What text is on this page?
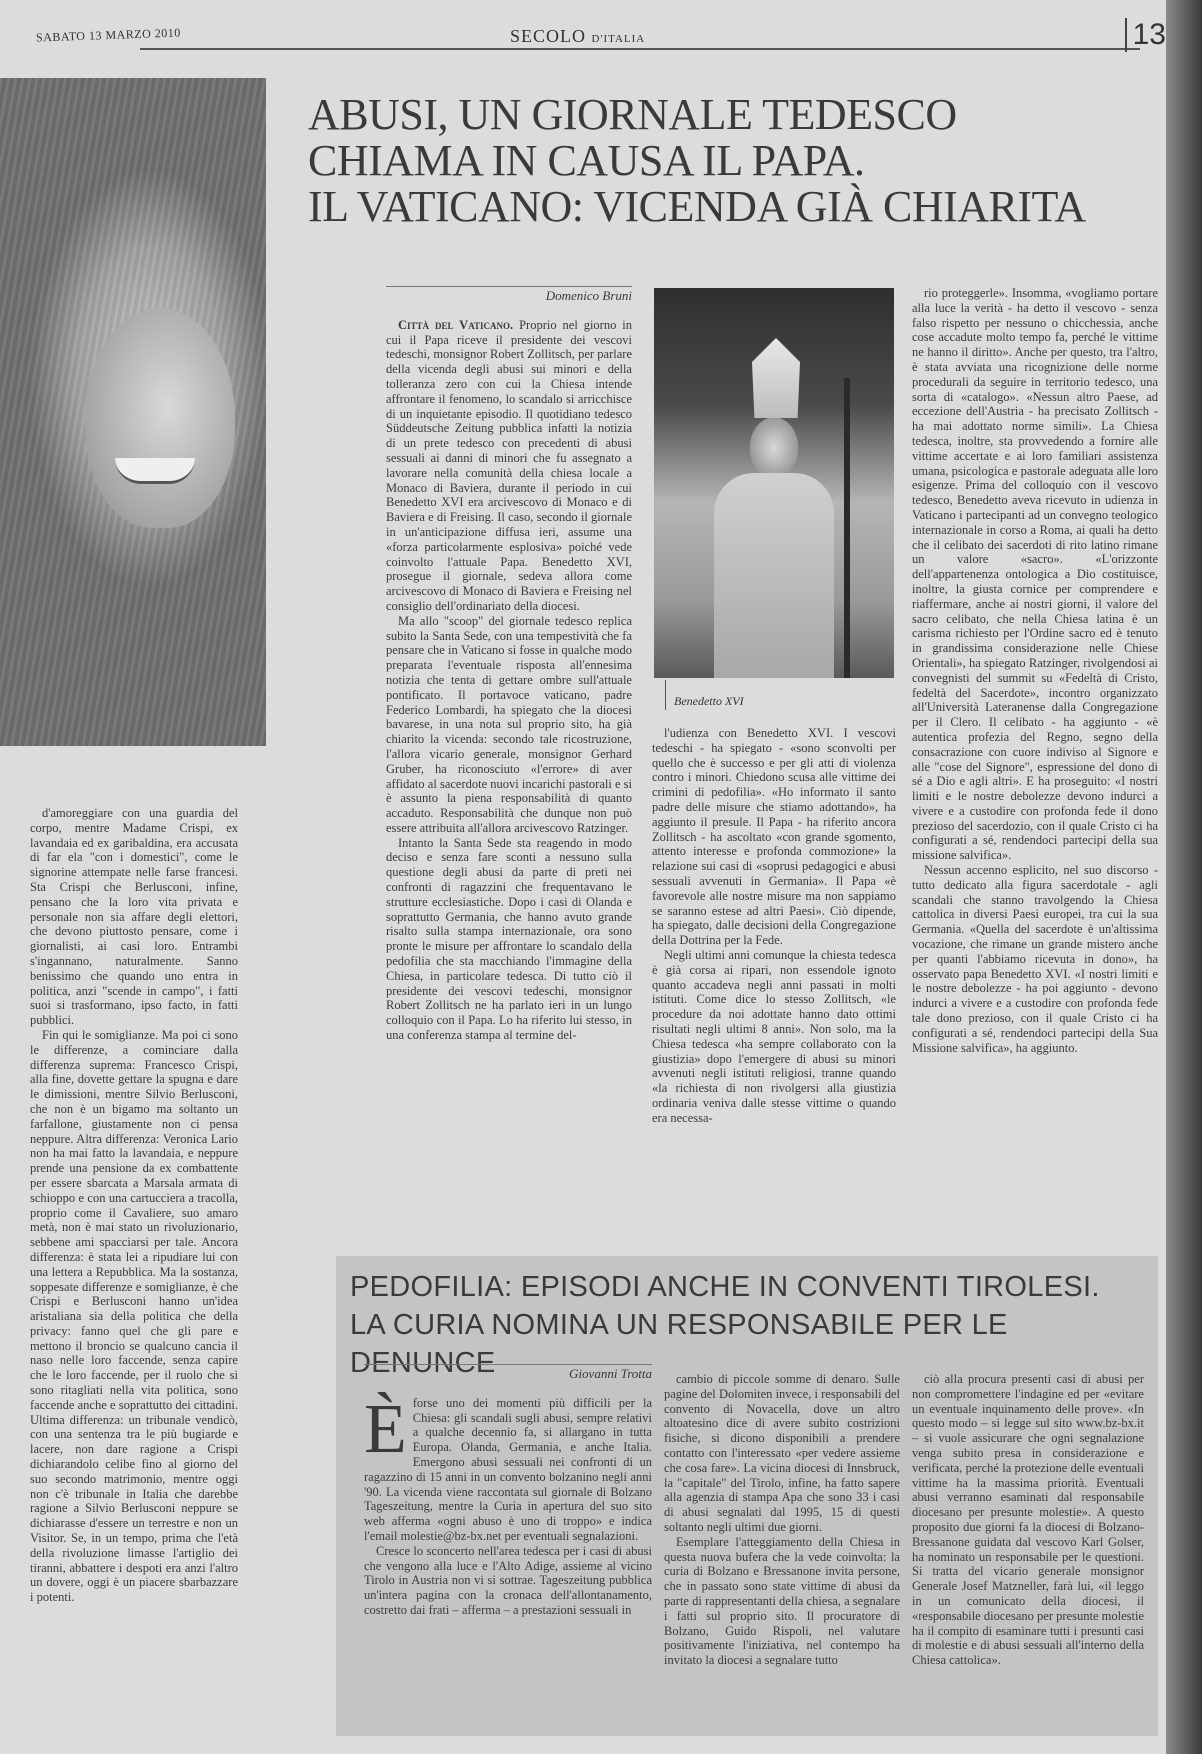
SABATO 13 MARZO 2010	SECOLO D'ITALIA	13
ABUSI, UN GIORNALE TEDESCO
CHIAMA IN CAUSA IL PAPA.
IL VATICANO: VICENDA GIÀ CHIARITA

d'amoreggiare con una guardia del corpo, mentre Madame Crispi, ex lavandaia ed ex garibaldina, era accusata di far ela "con i domestici", come le signorine attempate nelle farse francesi. Sta Crispi che Berlusconi, infine, pensano che la loro vita privata e personale non sia affare degli elettori, che devono piuttosto pensare, come i giornalisti, ai casi loro. Entrambi s'ingannano, naturalmente. Sanno benissimo che quando uno entra in politica, anzi "scende in campo", i fatti suoi si trasformano, ipso facto, in fatti pubblici.

Fin qui le somiglianze. Ma poi ci sono le differenze, a cominciare dalla differenza suprema: Francesco Crispi, alla fine, dovette gettare la spugna e dare le dimissioni, mentre Silvio Berlusconi, che non è un bigamo ma soltanto un farfallone, giustamente non ci pensa neppure. Altra differenza: Veronica Lario non ha mai fatto la lavandaia, e neppure prende una pensione da ex combattente per essere sbarcata a Marsala armata di schioppo e con una cartucciera a tracolla, proprio come il Cavaliere, suo amaro metà, non è mai stato un rivoluzionario, sebbene ami spacciarsi per tale. Ancora differenza: è stata lei a ripudiare lui con una lettera a Repubblica. Ma la sostanza, soppesate differenze e somiglianze, è che Crispi e Berlusconi hanno un'idea aristaliana sia della politica che della privacy: fanno quel che gli pare e mettono il broncio se qualcuno cancia il naso nelle loro faccende, senza capire che le loro faccende, per il ruolo che si sono ritagliati nella vita politica, sono faccende anche e soprattutto dei cittadini. Ultima differenza: un tribunale vendicò, con una sentenza tra le più bugiarde e lacere, non dare ragione a Crispi dichiarandolo celibe fino al giorno del suo secondo matrimonio, mentre oggi non c'è tribunale in Italia che darebbe ragione a Silvio Berlusconi neppure se dichiarasse d'essere un terrestre e non un Visitor. Se, in un tempo, prima che l'età della rivoluzione limasse l'artiglio dei tiranni, abbattere i despoti era anzi l'altro un dovere, oggi è un piacere sbarbazzare i potenti.

Domenico Bruni

Città del Vaticano. Proprio nel giorno in cui il Papa riceve il presidente dei vescovi tedeschi, monsignor Robert Zollitsch, per parlare della vicenda degli abusi sui minori e della tolleranza zero con cui la Chiesa intende affrontare il fenomeno, lo scandalo si arricchisce di un inquietante episodio. Il quotidiano tedesco Süddeutsche Zeitung pubblica infatti la notizia di un prete tedesco con precedenti di abusi sessuali ai danni di minori che fu assegnato a lavorare nella comunità della chiesa locale a Monaco di Baviera, durante il periodo in cui Benedetto XVI era arcivescovo di Monaco e di Baviera e di Freising. Il caso, secondo il giornale in un'anticipazione diffusa ieri, assume una «forza particolarmente esplosiva» poiché vede coinvolto l'attuale Papa. Benedetto XVI, prosegue il giornale, sedeva allora come arcivescovo di Monaco di Baviera e Freising nel consiglio dell'ordinariato della diocesi.

Ma allo "scoop" del giornale tedesco replica subito la Santa Sede, con una tempestività che fa pensare che in Vaticano si fosse in qualche modo preparata l'eventuale risposta all'ennesima notizia che tenta di gettare ombre sull'attuale pontificato. Il portavoce vaticano, padre Federico Lombardi, ha spiegato che la diocesi bavarese, in una nota sul proprio sito, ha già chiarito la vicenda: secondo tale ricostruzione, l'allora vicario generale, monsignor Gerhard Gruber, ha riconosciuto «l'errore» di aver affidato al sacerdote nuovi incarichi pastorali e si è assunto la piena responsabilità di quanto accaduto. Responsabilità che dunque non può essere attribuita all'allora arcivescovo Ratzinger.

Intanto la Santa Sede sta reagendo in modo deciso e senza fare sconti a nessuno sulla questione degli abusi da parte di preti nei confronti di ragazzini che frequentavano le strutture ecclesiastiche. Dopo i casi di Olanda e soprattutto Germania, che hanno avuto grande risalto sulla stampa internazionale, ora sono pronte le misure per affrontare lo scandalo della pedofilia che sta macchiando l'immagine della Chiesa, in particolare tedesca. Di tutto ciò il presidente dei vescovi tedeschi, monsignor Robert Zollitsch ne ha parlato ieri in un lungo colloquio con il Papa. Lo ha riferito lui stesso, in una conferenza stampa al termine del-

Benedetto XVI

l'udienza con Benedetto XVI. I vescovi tedeschi - ha spiegato - «sono sconvolti per quello che è successo e per gli atti di violenza contro i minori. Chiedono scusa alle vittime dei crimini di pedofilia». «Ho informato il santo padre delle misure che stiamo adottando», ha aggiunto il presule. Il Papa - ha riferito ancora Zollitsch - ha ascoltato «con grande sgomento, attento interesse e profonda commozione» la relazione sui casi di «soprusi pedagogici e abusi sessuali avvenuti in Germania». Il Papa «è favorevole alle nostre misure ma non sappiamo se saranno estese ad altri Paesi». Ciò dipende, ha spiegato, dalle decisioni della Congregazione della Dottrina per la Fede.

Negli ultimi anni comunque la chiesta tedesca è già corsa ai ripari, non essendole ignoto quanto accadeva negli anni passati in molti istituti. Come dice lo stesso Zollitsch, «le procedure da noi adottate hanno dato ottimi risultati negli ultimi 8 anni». Non solo, ma la Chiesa tedesca «ha sempre collaborato con la giustizia» dopo l'emergere di abusi su minori avvenuti negli istituti religiosi, tranne quando «la richiesta di non rivolgersi alla giustizia ordinaria veniva dalle stesse vittime o quando era necessa-

rio proteggerle». Insomma, «vogliamo portare alla luce la verità - ha detto il vescovo - senza falso rispetto per nessuno o chicchessia, anche cose accadute molto tempo fa, perché le vittime ne hanno il diritto». Anche per questo, tra l'altro, è stata avviata una ricognizione delle norme procedurali da seguire in territorio tedesco, una sorta di «catalogo». «Nessun altro Paese, ad eccezione dell'Austria - ha precisato Zollitsch - ha mai adottato norme simili». La Chiesa tedesca, inoltre, sta provvedendo a fornire alle vittime accertate e ai loro familiari assistenza umana, psicologica e pastorale adeguata alle loro esigenze. Prima del colloquio con il vescovo tedesco, Benedetto aveva ricevuto in udienza in Vaticano i partecipanti ad un convegno teologico internazionale in corso a Roma, ai quali ha detto che il celibato dei sacerdoti di rito latino rimane un valore «sacro». «L'orizzonte dell'appartenenza ontologica a Dio costituisce, inoltre, la giusta cornice per comprendere e riaffermare, anche ai nostri giorni, il valore del sacro celibato, che nella Chiesa latina è un carisma richiesto per l'Ordine sacro ed è tenuto in grandissima considerazione nelle Chiese Orientali», ha spiegato Ratzinger, rivolgendosi ai convegnisti del summit su «Fedeltà di Cristo, fedeltà del Sacerdote», incontro organizzato all'Università Lateranense dalla Congregazione per il Clero. Il celibato - ha aggiunto - «è autentica profezia del Regno, segno della consacrazione con cuore indiviso al Signore e alle "cose del Signore", espressione del dono di sé a Dio e agli altri». E ha proseguito: «I nostri limiti e le nostre debolezze devono indurci a vivere e a custodire con profonda fede il dono prezioso del sacerdozio, con il quale Cristo ci ha configurati a sé, rendendoci partecipi della sua missione salvifica».

Nessun accenno esplicito, nel suo discorso - tutto dedicato alla figura sacerdotale - agli scandali che stanno travolgendo la Chiesa cattolica in diversi Paesi europei, tra cui la sua Germania. «Quella del sacerdote è un'altissima vocazione, che rimane un grande mistero anche per quanti l'abbiamo ricevuta in dono», ha osservato papa Benedetto XVI. «I nostri limiti e le nostre debolezze - ha poi aggiunto - devono indurci a vivere e a custodire con profonda fede tale dono prezioso, con il quale Cristo ci ha configurati a sé, rendendoci partecipi della Sua Missione salvifica», ha aggiunto.

PEDOFILIA: EPISODI ANCHE IN CONVENTI TIROLESI.
LA CURIA NOMINA UN RESPONSABILE PER LE DENUNCE	Giovanni Trotta
È forse uno dei momenti più difficili per la Chiesa: gli scandali sugli abusi, sempre relativi a qualche decennio fa, si allargano in tutta Europa. Olanda, Germania, e anche Italia. Emergono abusi sessuali nei confronti di un ragazzino di 15 anni in un convento bolzanino negli anni '90. La vicenda viene raccontata sul giornale di Bolzano Tageszeitung, mentre la Curia in apertura del suo sito web afferma «ogni abuso è uno di troppo» e indica l'email molestie@bz-bx.net per eventuali segnalazioni.

Cresce lo sconcerto nell'area tedesca per i casi di abusi che vengono alla luce e l'Alto Adige, assieme al vicino Tirolo in Austria non vi si sottrae. Tageszeitung pubblica un'intera pagina con la cronaca dell'allontanamento, costretto dai frati – afferma – a prestazioni sessuali in

cambio di piccole somme di denaro. Sulle pagine del Dolomiten invece, i responsabili del convento di Novacella, dove un altro altoatesino dice di avere subito costrizioni fisiche, si dicono disponibili a prendere contatto con l'interessato «per vedere assieme che cosa fare». La vicina diocesi di Innsbruck, la "capitale" del Tirolo, infine, ha fatto sapere alla agenzia di stampa Apa che sono 33 i casi di abusi segnalati dal 1995, 15 di questi soltanto negli ultimi due giorni.

Esemplare l'atteggiamento della Chiesa in questa nuova bufera che la vede coinvolta: la curia di Bolzano e Bressanone invita persone, che in passato sono state vittime di abusi da parte di rappresentanti della chiesa, a segnalare i fatti sul proprio sito. Il procuratore di Bolzano, Guido Rispoli, nel valutare positivamente l'iniziativa, nel contempo ha invitato la diocesi a segnalare tutto

ciò alla procura presenti casi di abusi per non compromettere l'indagine ed per «evitare un eventuale inquinamento delle prove». «In questo modo – si legge sul sito www.bz-bx.it – si vuole assicurare che ogni segnalazione venga subito presa in considerazione e verificata, perché la protezione delle eventuali vittime ha la massima priorità. Eventuali abusi verranno esaminati dal responsabile diocesano per presunte molestie». A questo proposito due giorni fa la diocesi di Bolzano-Bressanone guidata dal vescovo Karl Golser, ha nominato un responsabile per le questioni. Si tratta del vicario generale monsignor Generale Josef Matzneller, farà lui, «il leggo in un comunicato della diocesi, il «responsabile diocesano per presunte molestie ha il compito di esaminare tutti i presunti casi di molestie e di abusi sessuali all'interno della Chiesa cattolica».
